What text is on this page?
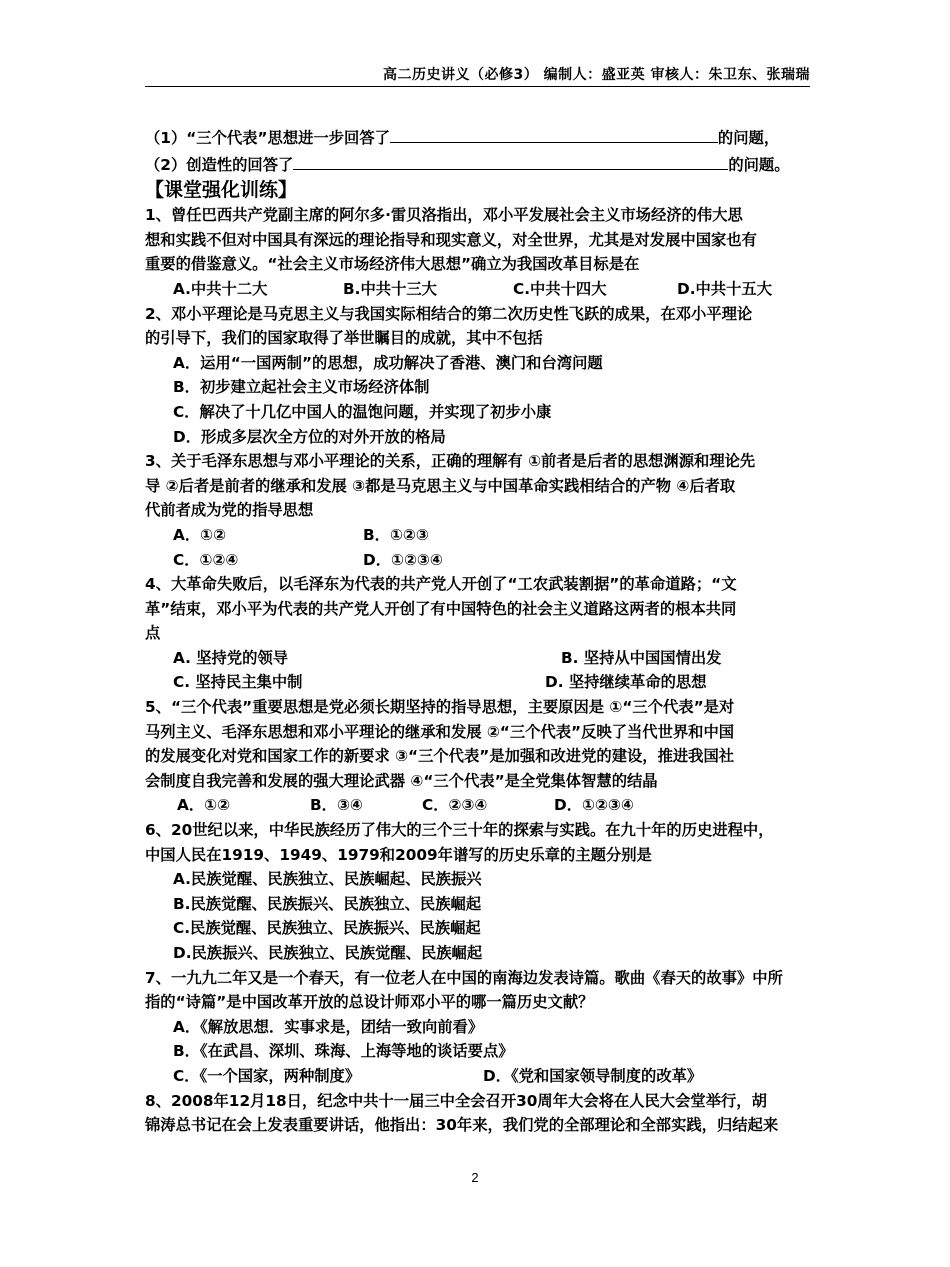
高二历史讲义（必修3） 编制人：盛亚英 审核人：朱卫东、张瑞瑞

（1）“三个代表”思想进一步回答了	的问题，

（2）创造性的回答了	的问题。

【课堂强化训练】

1、曾任巴西共产党副主席的阿尔多·雷贝洛指出，邓小平发展社会主义市场经济的伟大思

想和实践不但对中国具有深远的理论指导和现实意义，对全世界，尤其是对发展中国家也有

重要的借鉴意义。“社会主义市场经济伟大思想”确立为我国改革目标是在

A.中共十二大	B.中共十三大	C.中共十四大	D.中共十五大

2、邓小平理论是马克思主义与我国实际相结合的第二次历史性飞跃的成果，在邓小平理论

的引导下，我们的国家取得了举世瞩目的成就，其中不包括

A．运用“一国两制”的思想，成功解决了香港、澳门和台湾问题

B．初步建立起社会主义市场经济体制

C．解决了十几亿中国人的温饱问题，并实现了初步小康

D．形成多层次全方位的对外开放的格局

3、关于毛泽东思想与邓小平理论的关系，正确的理解有 ①前者是后者的思想渊源和理论先

导 ②后者是前者的继承和发展 ③都是马克思主义与中国革命实践相结合的产物 ④后者取

代前者成为党的指导思想

A．①②	B．①②③

C．①②④	D．①②③④

4、大革命失败后，以毛泽东为代表的共产党人开创了“工农武装割据”的革命道路；“文

革”结束，邓小平为代表的共产党人开创了有中国特色的社会主义道路这两者的根本共同

点

A. 坚持党的领导	B. 坚持从中国国情出发

C. 坚持民主集中制	D. 坚持继续革命的思想

5、“三个代表”重要思想是党必须长期坚持的指导思想，主要原因是 ①“三个代表”是对

马列主义、毛泽东思想和邓小平理论的继承和发展 ②“三个代表”反映了当代世界和中国

的发展变化对党和国家工作的新要求 ③“三个代表”是加强和改进党的建设，推进我国社

会制度自我完善和发展的强大理论武器 ④“三个代表”是全党集体智慧的结晶

A．①②	B．③④	C．②③④	D．①②③④

6、20世纪以来，中华民族经历了伟大的三个三十年的探索与实践。在九十年的历史进程中，

中国人民在1919、1949、1979和2009年谱写的历史乐章的主题分别是

A.民族觉醒、民族独立、民族崛起、民族振兴

B.民族觉醒、民族振兴、民族独立、民族崛起

C.民族觉醒、民族独立、民族振兴、民族崛起

D.民族振兴、民族独立、民族觉醒、民族崛起

7、一九九二年又是一个春天，有一位老人在中国的南海边发表诗篇。歌曲《春天的故事》中所

指的“诗篇”是中国改革开放的总设计师邓小平的哪一篇历史文献？

A．《解放思想．实事求是，团结一致向前看》

B．《在武昌、深圳、珠海、上海等地的谈话要点》

C．《一个国家，两种制度》	D．《党和国家领导制度的改革》

8、2008年12月18日，纪念中共十一届三中全会召开30周年大会将在人民大会堂举行，胡

锦涛总书记在会上发表重要讲话，他指出：30年来，我们党的全部理论和全部实践，归结起来

2
